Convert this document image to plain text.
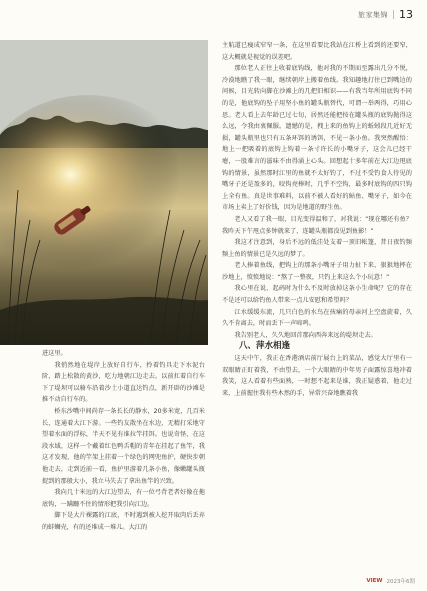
旅家集锦 13

进这里。

我悄然地在堤岸上放好自行车，拎着钓具走下水泥台阶，踏上松散的黄沙，吃力地朝江边走去。以前扛着自行车下了堤坝可以骑车沿着沙土小道直达钓点，新开辟的沙滩是推不动自行车的。

桥东沙嘴中间尚存一条长长的静水，20多米宽，几百米长，连通着大江下游。一些钓友散坐在水边，无精打采地守望着水面的浮标，半天不见有谁拉竿挂饵。也说奇怪，在这段水域，这样一个戴着红色鸭舌帽的青年在挂起了鱼竿，我这才发现，他的竿架上挂着一个绿色的网兜鱼护，硬快步朝他走去，走到近前一看，鱼护里游着几条小鱼，像嫩罐头瓶捉到的那般大小，我立马失去了拿出鱼竿的兴致。

我向几十米远的大江边望去，有一位弓背老者好像在拖底钩，一蹒跚不住的情形把我引向江边。

脚下是大片裸露的江底，不时遇到被人挖开取肉后丢弃的蚌蛳壳，有的还堆成一堆儿。大江的

主航道已瘦成窄窄一条，在这里看要比我站在江桥上看到的还要窄，这大概就是视觉的误差吧。

那位老人正往上收着底钩线，他对我的不期而至露出几分不悦，冷漠地瞧了我一眼，继续朝岸上搬着鱼线。我知趣地打住已到嘴边的问候，目光转向脚在沙滩上的几把旧相识——有我当年所用底钩不同的是，他底钩的坠子用坚小鱼的罐头瓶替代，可谓一举两得，巧用心思。老人看上去年龄已过七旬，居然还能把按在罐头瓶的底钩抛得这么远，令我由衷佩服。遗憾的是，拽上来的鱼钩上的蚯蚓段几近好无损，罐头瓶里也只有五条环饵的诱饵，不见一条小鱼。我突然醒悟：地上一把吸着的底钩上钩着一条寸许长的小嘴牙子，这会儿已经干瘪，一股难言的滋味不由得涌上心头。回想起十多年前在大江边甩底钩的情景，虽然那时江里的鱼就不太好钓了，不过不受钓食人待见的嘴牙子还是盈多的，咬钩亮棒时，几乎不空钩，最多时底钩的四只钩上全有鱼。真是世事难料，以前不被人看好的鲇鱼、嘴牙子，如今在市场上卖上了好价钱，因为是地道的野生鱼。

老人又看了我一眼，目光变得温和了，对我说：“现在哪还有鱼？我昨天下午甩点多钟就来了，连罐头瓶都没见到鱼影！”

我这才注意到，身后不远的低洼处支着一顶旧帐篷，昔日夜钓频频上鱼的情景已是久远的梦了。

老人捧着鱼线，把钩上的那条小嘴牙子用力扯下来，狠狠地摔在沙地上，愤愤地说：“熬了一整夜，只钓上来这么个小玩意！”

我心里在说，起码时为什么不及时放掉这条小生命呢？它的存在不是还可以给钓鱼人带来一点儿安慰和希望吗？

江水缓缓东流，几只白色的水鸟在孩痛的母亲河上空盘旋着，久久不肯离去，时而丢下一声啼鸣。

我告别老人，久久地回首那向西奔来远的堤坝走去。

八、萍水相逢

这天中午，我正在香港酒店前厅展台上的菜品，感觉大厅里有一双眼睛正盯着我，不由望去，一个大眼睛的中年男子面露惊喜地冲着我笑，这人看着有些面熟，一时想不起来是谁，我正疑惑着，他走过来，上前握住我有些木然的手，异常兴奋地瞧着我

VIEW 2023年6期
